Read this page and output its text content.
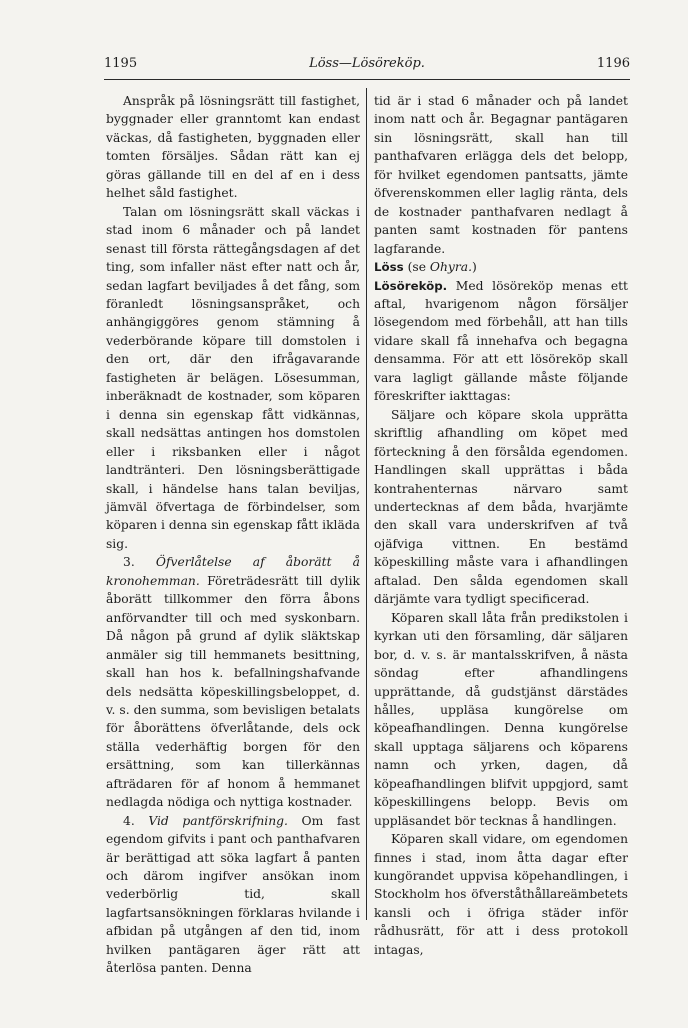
1195	Löss—Lösöreköp.	1196

Anspråk på lösningsrätt till fastighet, byggnader eller granntomt kan endast väckas, då fastigheten, byggnaden eller tomten försäljes. Sådan rätt kan ej göras gällande till en del af en i dess helhet såld fastighet.

Talan om lösningsrätt skall väckas i stad inom 6 månader och på landet senast till första rättegångsdagen af det ting, som infaller näst efter natt och år, sedan lagfart beviljades å det fång, som föranledt lösningsanspråket, och anhängiggöres genom stämning å vederbörande köpare till domstolen i den ort, där den ifrågavarande fastigheten är belägen. Lösesumman, inberäknadt de kostnader, som köparen i denna sin egenskap fått vidkännas, skall nedsättas antingen hos domstolen eller i riksbanken eller i något landtränteri. Den lösningsberättigade skall, i händelse hans talan beviljas, jämväl öfvertaga de förbindelser, som köparen i denna sin egenskap fått ikläda sig.

3. Öfverlåtelse af åborätt å kronohemman. Företrädesrätt till dylik åborätt tillkommer den förra åbons anförvandter till och med syskonbarn. Då någon på grund af dylik släktskap anmäler sig till hemmanets besittning, skall han hos k. befallningshafvande dels nedsätta köpeskillingsbeloppet, d. v. s. den summa, som bevisligen betalats för åborättens öfverlåtande, dels ock ställa vederhäftig borgen för den ersättning, som kan tillerkännas afträdaren för af honom å hemmanet nedlagda nödiga och nyttiga kostnader.

4. Vid pantförskrifning. Om fast egendom gifvits i pant och panthafvaren är berättigad att söka lagfart å panten och därom ingifver ansökan inom vederbörlig tid, skall lagfartsansökningen förklaras hvilande i afbidan på utgången af den tid, inom hvilken pantägaren äger rätt att återlösa panten. Denna

tid är i stad 6 månader och på landet inom natt och år. Begagnar pantägaren sin lösningsrätt, skall han till panthafvaren erlägga dels det belopp, för hvilket egendomen pantsatts, jämte öfverenskommen eller laglig ränta, dels de kostnader panthafvaren nedlagt å panten samt kostnaden för pantens lagfarande.

Löss (se Ohyra.)

Lösöreköp. Med lösöreköp menas ett aftal, hvarigenom någon försäljer lösegendom med förbehåll, att han tills vidare skall få innehafva och begagna densamma. För att ett lösöreköp skall vara lagligt gällande måste följande föreskrifter iakttagas:

Säljare och köpare skola upprätta skriftlig afhandling om köpet med förteckning å den försålda egendomen. Handlingen skall upprättas i båda kontrahenternas närvaro samt undertecknas af dem båda, hvarjämte den skall vara underskrifven af två ojäfviga vittnen. En bestämd köpeskilling måste vara i afhandlingen aftalad. Den sålda egendomen skall därjämte vara tydligt specificerad.

Köparen skall låta från predikstolen i kyrkan uti den församling, där säljaren bor, d. v. s. är mantalsskrifven, å nästa söndag efter afhandlingens upprättande, då gudstjänst därstädes hålles, uppläsa kungörelse om köpeafhandlingen. Denna kungörelse skall upptaga säljarens och köparens namn och yrken, dagen, då köpeafhandlingen blifvit uppgjord, samt köpeskillingens belopp. Bevis om uppläsandet bör tecknas å handlingen.

Köparen skall vidare, om egendomen finnes i stad, inom åtta dagar efter kungörandet uppvisa köpehandlingen, i Stockholm hos öfverståthållareämbetets kansli och i öfriga städer inför rådhusrätt, för att i dess protokoll intagas,
